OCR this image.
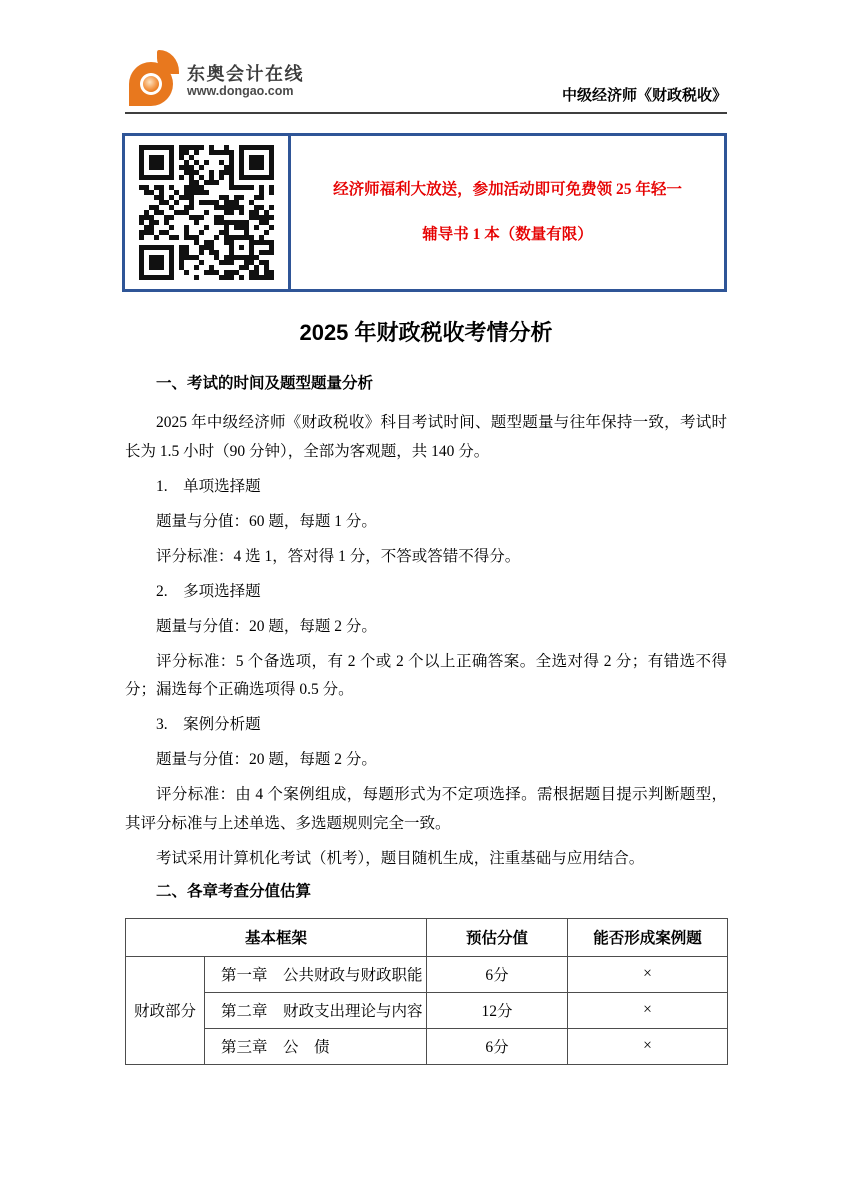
东奥会计在线
www.dongao.com	中级经济师《财政税收》

经济师福利大放送，参加活动即可免费领 25 年轻一

辅导书 1 本（数量有限）

2025 年财政税收考情分析
一、考试的时间及题型题量分析

2025 年中级经济师《财政税收》科目考试时间、题型题量与往年保持一致，考试时长为 1.5 小时（90 分钟），全部为客观题，共 140 分。

1.　单项选择题

题量与分值：60 题，每题 1 分。

评分标准：4 选 1，答对得 1 分，不答或答错不得分。

2.　多项选择题

题量与分值：20 题，每题 2 分。

评分标准：5 个备选项，有 2 个或 2 个以上正确答案。全选对得 2 分；有错选不得分；漏选每个正确选项得 0.5 分。

3.　案例分析题

题量与分值：20 题，每题 2 分。

评分标准：由 4 个案例组成，每题形式为不定项选择。需根据题目提示判断题型，其评分标准与上述单选、多选题规则完全一致。

考试采用计算机化考试（机考），题目随机生成，注重基础与应用结合。

二、各章考查分值估算
基本框架		预估分值	能否形成案例题
财政部分	第一章　公共财政与财政职能	6分	×
	第二章　财政支出理论与内容	12分	×
	第三章　公　债	6分	×
